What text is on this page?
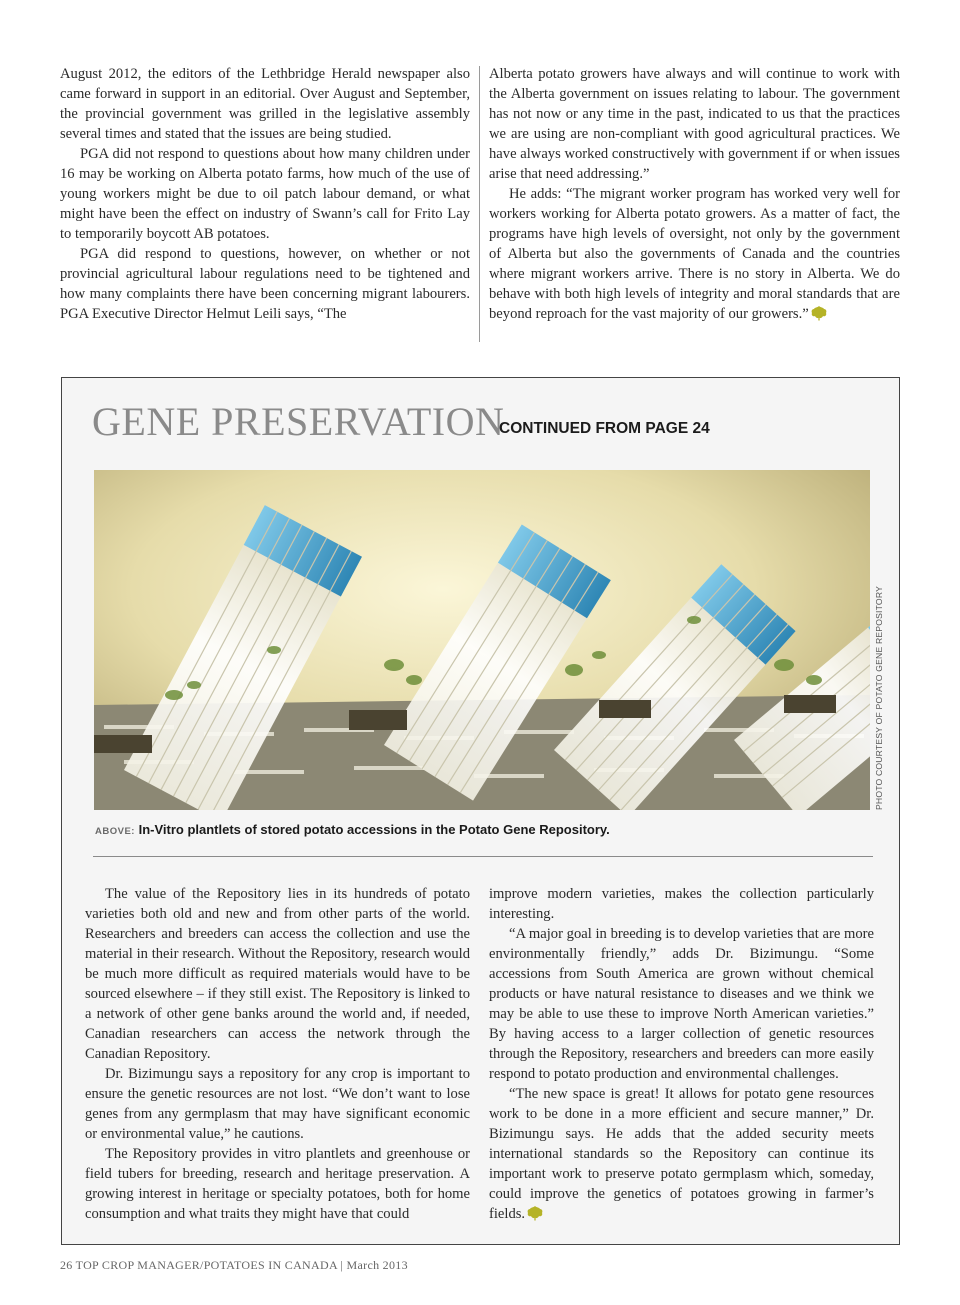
August 2012, the editors of the Lethbridge Herald newspaper also came forward in support in an editorial. Over August and September, the provincial government was grilled in the legislative assembly several times and stated that the issues are being studied.

PGA did not respond to questions about how many children under 16 may be working on Alberta potato farms, how much of the use of young workers might be due to oil patch labour demand, or what might have been the effect on industry of Swann’s call for Frito Lay to temporarily boycott AB potatoes.

PGA did respond to questions, however, on whether or not provincial agricultural labour regulations need to be tightened and how many complaints there have been concerning migrant labourers. PGA Executive Director Helmut Leili says, “The

Alberta potato growers have always and will continue to work with the Alberta government on issues relating to labour. The government has not now or any time in the past, indicated to us that the practices we are using are non-compliant with good agricultural practices. We have always worked constructively with government if or when issues arise that need addressing.”

He adds: “The migrant worker program has worked very well for workers working for Alberta potato growers. As a matter of fact, the programs have high levels of oversight, not only by the government of Alberta but also the governments of Canada and the countries where migrant workers arrive. There is no story in Alberta. We do behave with both high levels of integrity and moral standards that are beyond reproach for the vast majority of our growers.”

GENE PRESERVATION
CONTINUED FROM PAGE 24
PHOTO COURTESY OF POTATO GENE REPOSITORY
ABOVE: In-Vitro plantlets of stored potato accessions in the Potato Gene Repository.

The value of the Repository lies in its hundreds of potato varieties both old and new and from other parts of the world. Researchers and breeders can access the collection and use the material in their research. Without the Repository, research would be much more difficult as required materials would have to be sourced elsewhere – if they still exist. The Repository is linked to a network of other gene banks around the world and, if needed, Canadian researchers can access the network through the Canadian Repository.

Dr. Bizimungu says a repository for any crop is important to ensure the genetic resources are not lost. “We don’t want to lose genes from any germplasm that may have significant economic or environmental value,” he cautions.

The Repository provides in vitro plantlets and greenhouse or field tubers for breeding, research and heritage preservation. A growing interest in heritage or specialty potatoes, both for home consumption and what traits they might have that could

improve modern varieties, makes the collection particularly interesting.

“A major goal in breeding is to develop varieties that are more environmentally friendly,” adds Dr. Bizimungu. “Some accessions from South America are grown without chemical products or have natural resistance to diseases and we think we may be able to use these to improve North American varieties.” By having access to a larger collection of genetic resources through the Repository, researchers and breeders can more easily respond to potato production and environmental challenges.

“The new space is great! It allows for potato gene resources work to be done in a more efficient and secure manner,” Dr. Bizimungu says. He adds that the added security meets international standards so the Repository can continue its important work to preserve potato germplasm which, someday, could improve the genetics of potatoes growing in farmer’s fields.

26 TOP CROP MANAGER/POTATOES IN CANADA | March 2013
